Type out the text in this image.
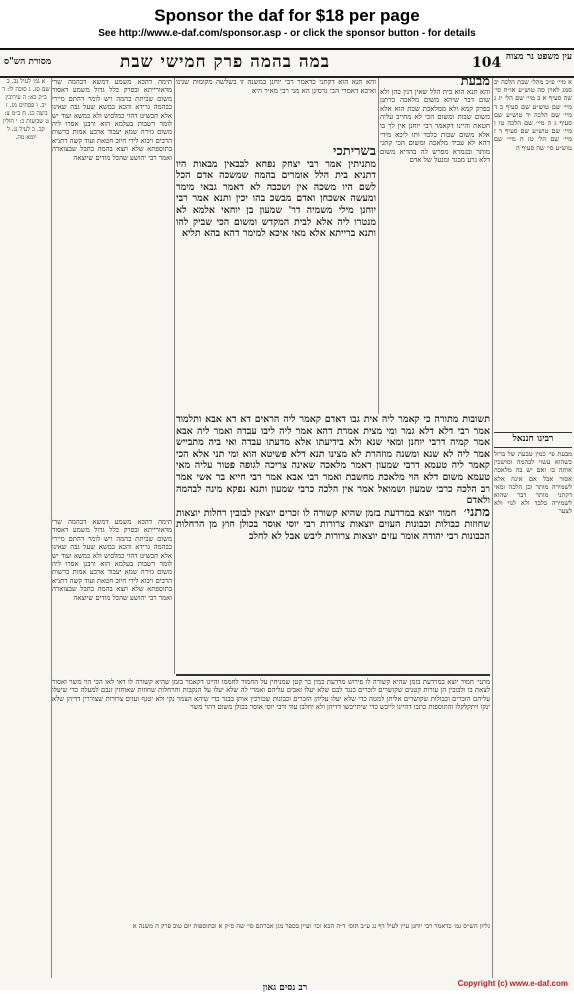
Sponsor the daf for $18 per page
See http://www.e-daf.com/sponsor.asp - or click the sponsor button - for details
עין משפט נר מצוה
104
במה בהמה פרק חמישי שבת
מסורת הש"ס
א מיי׳ פ״כ מהל׳ שבת הלכה יב סמג לאוין סה טוש״ע או״ח סי׳ שה סעיף א ב מיי׳ שם הל׳ יג ג מיי׳ שם טוש״ע שם סעיף ב ד מיי׳ שם הלכה יד טוש״ע שם סעיף ג ה מיי׳ שם הלכה טו ו מיי׳ שם טוש״ע שם סעיף ד ז מיי׳ שם הל׳ טז ח מיי׳ שם טוש״ע סי׳ שה סעיף ה
רבינו חננאל
מבעת פי׳ כמין טבעת של ברזל כשהוא עשוי לבהמה ומושכין אותה בו ואם יש בה מלאכה אסור אבל אם אינה אלא לשמירה מותר וכן הלכה ומאי דקתני מותר דבר שהוא לשמירה בלבד ולא לנוי ולא לצער
מבעת
והא תנא הוא בית הלל שאין דנין כהן ולא שום דבר שיהא משום מלאכה כדתנן בפרק קמא ולא ממלאכת שבת הוא אלא משום שבות ומשום הכי לא מחייב עליה חטאת והיינו דקאמר רבי יוחנן אין לך בו אלא משום שבות בלבד ותו ליכא מידי דהא לא עביד מלאכה ומשום הכי קתני מותר ובגמרא מפרש לה בהדיא משום דלא גרע מבגד ומנעל של אדם
והא תנא הוא דקתני כדאמר רבי יוחנן במשנה זו בשלשה מקומות שנינו ואיכא דאמרי הכי גרסינן הא מני רבי מאיר היא
בשריתכי
מתניתין אמר רבי יצחק נפחא לבבאין מבאות היו דתניא בית הלל אומרים בהמה שמשכה אדם הכל לשם היו משכה אין ושכבה לא דאמר גבאי מימר ומעשה אשכחן ואדם מבשכ בהו יכין ותנא אמר רבי יוחנן מילי משמיה דר' שמעון בן יוחאי אלמא לא מנטרו ליה אלא לבית המקדש ומשום הכי שביק להו ותנא ברייתא אלא מאי איכא למימר דהא בהא תליא
תימה דהכא משמע דמשא דבהמה שרי מדאורייתא ובפרק כלל גדול משמע דאסור משום שביתת בהמה ויש לומר דהתם מיירי בבהמה גרידא והכא במשא שעל גבה שאינו אלא תכשיט דהוי כמלבוש ולא כמשא ועוד יש לומר דשבות בעלמא הוא ורבנן אסרו ליה משום גזירה שמא יעבור ארבע אמות ברשות הרבים ויבוא לידי חיוב חטאת ועוד קשה דתניא בתוספתא שלא תצא בהמה בחבל שבצוארה ואמר רבי יהושע שהכל מודים שיוצאה
תשובות מתורה כי קאמר ליה אית גבו דאדם קאמר ליה הראים דא דא אבא ותלמוד אמר רבי דלא דלא גמר ומי מצית אמרת דהא אמר ליה ליבו עבדה ואמר ליה אבא אמר קמיה דרבי יוחנן ומאי שנא ולא בידיעתו אלא מדעתו עבדה ואי ביה מתבייש אמר ליה לא שנא ומשנה מוזהרת לא מצינו תנא דלא פשיטא הוא ומי תני אלא הכי קאמר ליה טעמא דרבי שמעון דאמר מלאכה שאינה צריכה לגופה פטור עליה מאי טעמא משום דלא הוי מלאכת מחשבת ואמר רבי אבא אמר רבי חייא בר אשי אמר רב הלכה כרבי שמעון ושמואל אמר אין הלכה כרבי שמעון ותנא נפקא מינה לבהמה ולאדם
מתני׳ חמור יוצא במרדעת בזמן שהיא קשורה לו זכרים יוצאין לבובין רחלות יוצאות שחוזות כבולות וכבונות העזים יוצאות צרורות רבי יוסי אוסר בכולן חוץ מן הרחלות הכבונות רבי יהודה אומר עזים יוצאות צרורות ליבש אבל לא לחלב
תימה דהכא משמע דמשא דבהמה שרי מדאורייתא ובפרק כלל גדול משמע דאסור משום שביתת בהמה ויש לומר דהתם מיירי בבהמה גרידא והכא במשא שעל גבה שאינו אלא תכשיט דהוי כמלבוש ולא כמשא ועוד יש לומר דשבות בעלמא הוא ורבנן אסרו ליה משום גזירה שמא יעבור ארבע אמות ברשות הרבים ויבוא לידי חיוב חטאת ועוד קשה דתניא בתוספתא שלא תצא בהמה בחבל שבצוארה ואמר רבי יהושע שהכל מודים שיוצאה
א גמ׳ לעיל נב. ב שם סג. ג סוכה לו: ד ב״ק כא: ה עירובין יב. ו פסחים מג. ז ביצה כג. ח ב״מ צ: ט שבועות כ: י חולין קב. כ לעיל נג. ל יומא מה.
מתני׳ חמור יוצא במרדעת בזמן שהיא קשורה לו פירוש מרדעת כמין כר קטן שמניחין על החמור לחממו והיינו דקאמר בזמן שהיא קשורה לו דאי לאו הכי הוי משוי ואסור לצאת בו ולבובין הן עורות קטנים שקושרים לזכרים כנגד לבם שלא יעלו זאבים עליהם ואמרי לה שלא יעלו על הנקבות והרחלות שחוזות שאוחזין זנבם למעלה כדי שיעלו עליהם הזכרים וכבולות שקושרים אליתן למטה כדי שלא יעלו עליהן הזכרים וכבונות שכורכין אותן בבגד כדי שיהא הצמר נקי ולא יטנף ועזים צרורות שצוררין דדיהן שלא ינקו ויתקלקלו והתוספות כתבו דהיינו לייבש כדי שיתייבשו דדיהן ולא יחלבו עוד ורבי יוסי אוסר בכולן משום דהוי משוי
גליון הש״ס גמ׳ כדאמר רבי יוחנן עיין לעיל דף נג ע״ב תוס׳ ד״ה הכא וכו׳ ועיין בספר מגן אברהם סי׳ שה ס״ק א ובתוספות יום טוב פרק ה משנה א
רב נסים גאון	Copyright (c) www.e-daf.com
